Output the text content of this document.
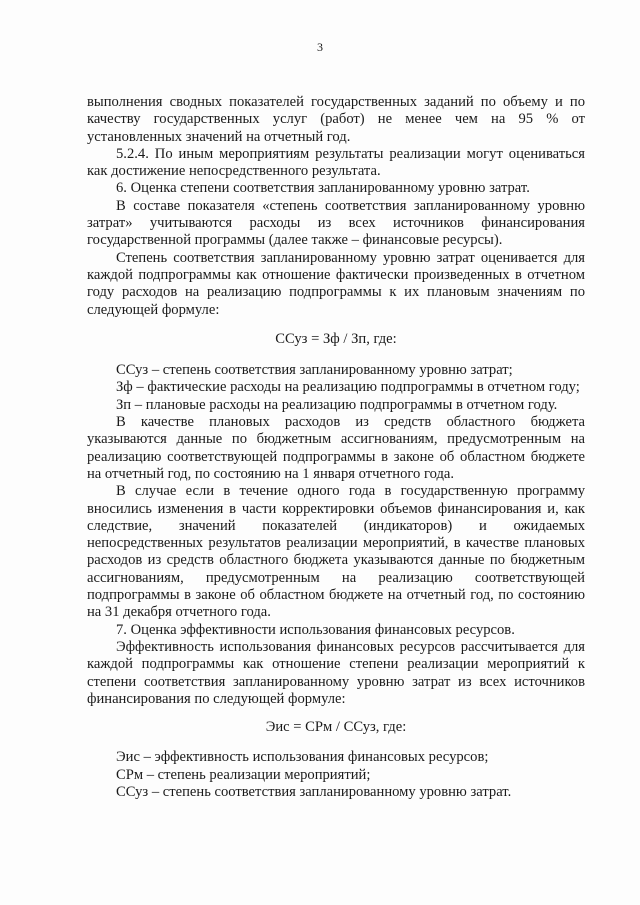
3

выполнения сводных показателей государственных заданий по объему и по качеству государственных услуг (работ) не менее чем на 95 % от установленных значений на отчетный год.

5.2.4. По иным мероприятиям результаты реализации могут оцениваться как достижение непосредственного результата.

6. Оценка степени соответствия запланированному уровню затрат.

В составе показателя «степень соответствия запланированному уровню затрат» учитываются расходы из всех источников финансирования государственной программы (далее также – финансовые ресурсы).

Степень соответствия запланированному уровню затрат оценивается для каждой подпрограммы как отношение фактически произведенных в отчетном году расходов на реализацию подпрограммы к их плановым значениям по следующей формуле:

ССуз = Зф / Зп, где:

ССуз – степень соответствия запланированному уровню затрат;

Зф – фактические расходы на реализацию подпрограммы в отчетном году;

Зп – плановые расходы на реализацию подпрограммы в отчетном году.

В качестве плановых расходов из средств областного бюджета указываются данные по бюджетным ассигнованиям, предусмотренным на реализацию соответствующей подпрограммы в законе об областном бюджете на отчетный год, по состоянию на 1 января отчетного года.

В случае если в течение одного года в государственную программу вносились изменения в части корректировки объемов финансирования и, как следствие, значений показателей (индикаторов) и ожидаемых непосредственных результатов реализации мероприятий, в качестве плановых расходов из средств областного бюджета указываются данные по бюджетным ассигнованиям, предусмотренным на реализацию соответствующей подпрограммы в законе об областном бюджете на отчетный год, по состоянию на 31 декабря отчетного года.

7. Оценка эффективности использования финансовых ресурсов.

Эффективность использования финансовых ресурсов рассчитывается для каждой подпрограммы как отношение степени реализации мероприятий к степени соответствия запланированному уровню затрат из всех источников финансирования по следующей формуле:

Эис = СРм / ССуз, где:

Эис – эффективность использования финансовых ресурсов;

СРм – степень реализации мероприятий;

ССуз – степень соответствия запланированному уровню затрат.
